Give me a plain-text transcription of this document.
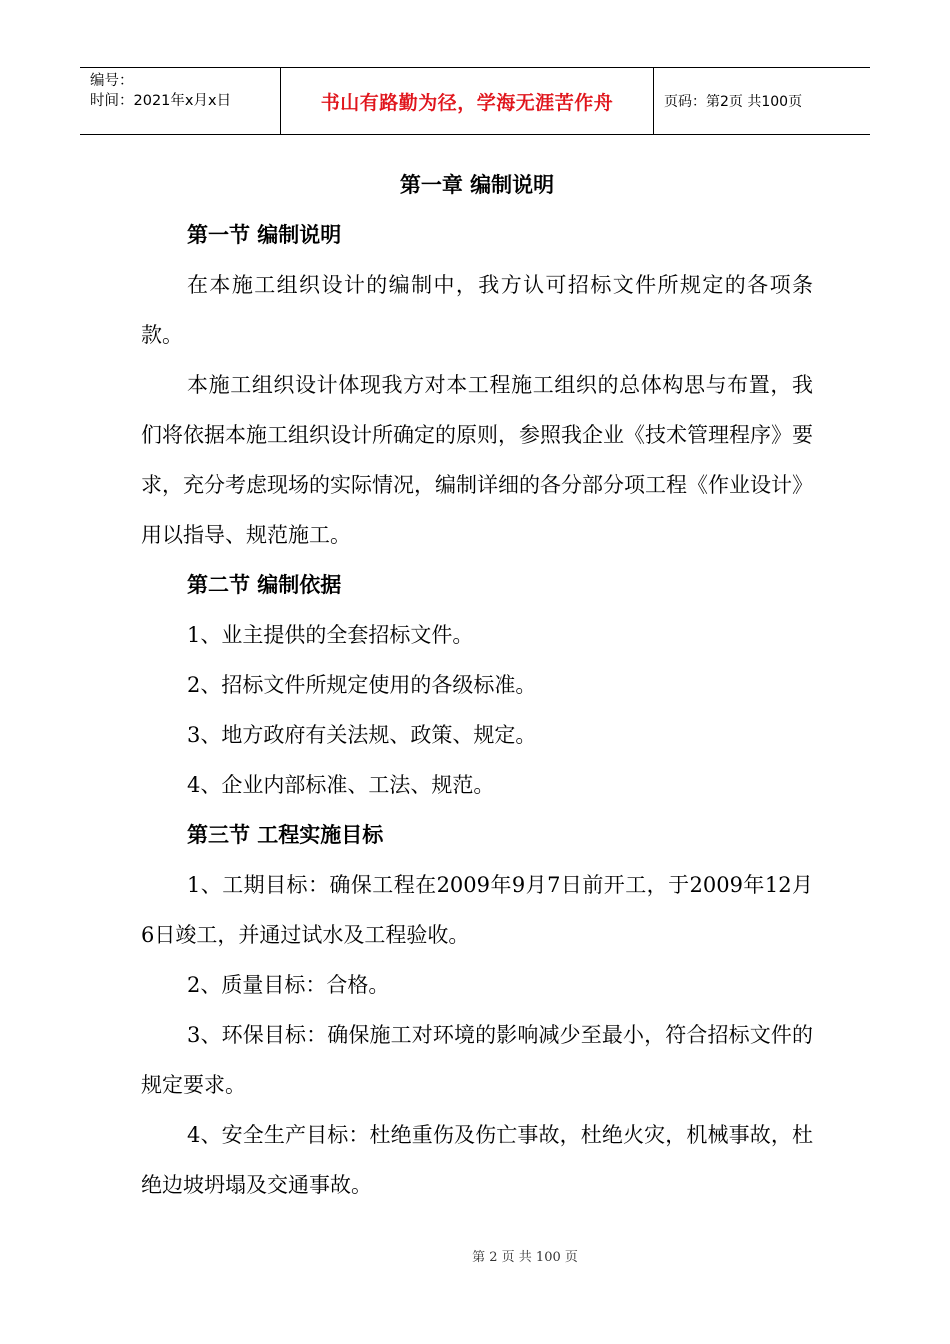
编号：
时间：2021年x月x日	书山有路勤为径，学海无涯苦作舟	页码：第2页 共100页
第一章 编制说明
第一节 编制说明

在本施工组织设计的编制中，我方认可招标文件所规定的各项条款。

本施工组织设计体现我方对本工程施工组织的总体构思与布置，我们将依据本施工组织设计所确定的原则，参照我企业《技术管理程序》要求，充分考虑现场的实际情况，编制详细的各分部分项工程《作业设计》用以指导、规范施工。

第二节 编制依据

1、业主提供的全套招标文件。

2、招标文件所规定使用的各级标准。

3、地方政府有关法规、政策、规定。

4、企业内部标准、工法、规范。

第三节 工程实施目标

1、工期目标：确保工程在2009年9月7日前开工，于2009年12月6日竣工，并通过试水及工程验收。

2、质量目标：合格。

3、环保目标：确保施工对环境的影响减少至最小，符合招标文件的规定要求。

4、安全生产目标：杜绝重伤及伤亡事故，杜绝火灾，机械事故，杜绝边坡坍塌及交通事故。

第 2 页 共 100 页
